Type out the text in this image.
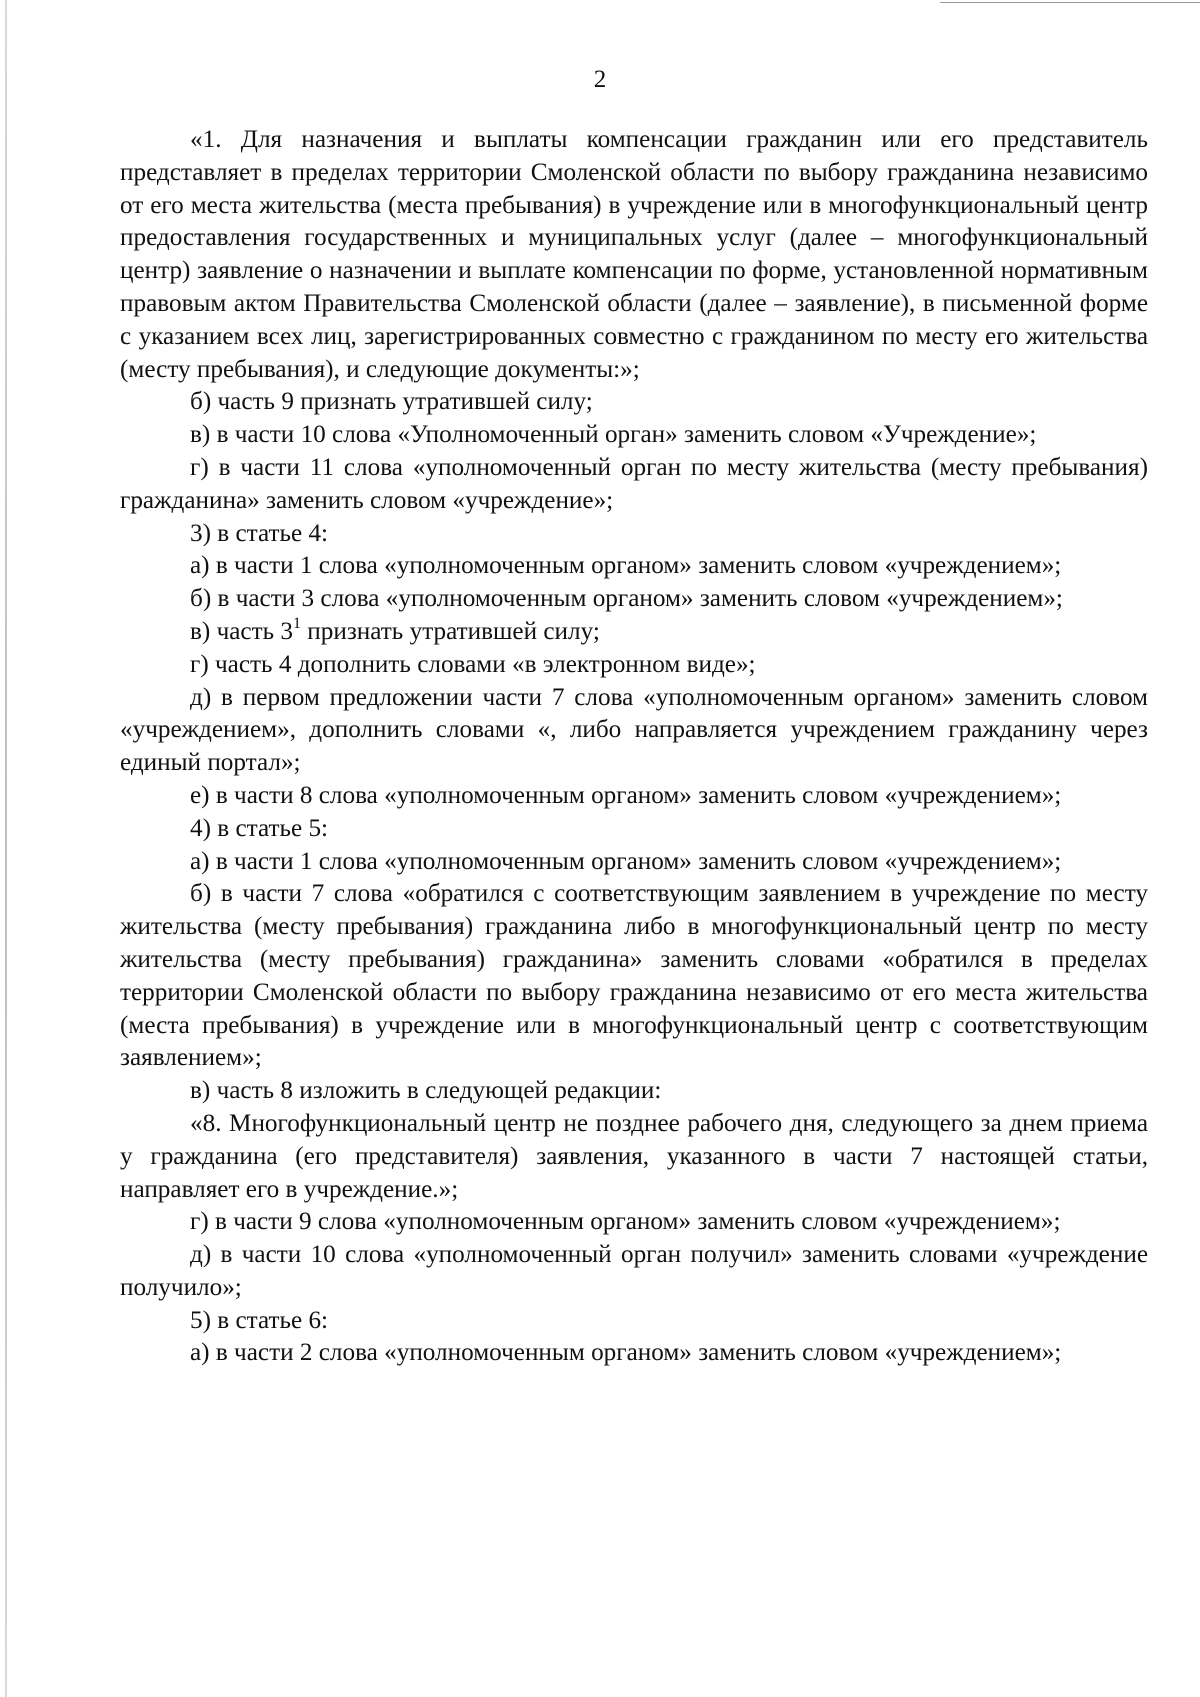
2

«1. Для назначения и выплаты компенсации гражданин или его представитель представляет в пределах территории Смоленской области по выбору гражданина независимо от его места жительства (места пребывания) в учреждение или в многофункциональный центр предоставления государственных и муниципальных услуг (далее – многофункциональный центр) заявление о назначении и выплате компенсации по форме, установленной нормативным правовым актом Правительства Смоленской области (далее – заявление), в письменной форме с указанием всех лиц, зарегистрированных совместно с гражданином по месту его жительства (месту пребывания), и следующие документы:»;

б) часть 9 признать утратившей силу;

в) в части 10 слова «Уполномоченный орган» заменить словом «Учреждение»;

г) в части 11 слова «уполномоченный орган по месту жительства (месту пребывания) гражданина» заменить словом «учреждение»;

3) в статье 4:

а) в части 1 слова «уполномоченным органом» заменить словом «учреждением»;

б) в части 3 слова «уполномоченным органом» заменить словом «учреждением»;

в) часть $3^1$ признать утратившей силу;

г) часть 4 дополнить словами «в электронном виде»;

д) в первом предложении части 7 слова «уполномоченным органом» заменить словом «учреждением», дополнить словами «, либо направляется учреждением гражданину через единый портал»;

е) в части 8 слова «уполномоченным органом» заменить словом «учреждением»;

4) в статье 5:

а) в части 1 слова «уполномоченным органом» заменить словом «учреждением»;

б) в части 7 слова «обратился с соответствующим заявлением в учреждение по месту жительства (месту пребывания) гражданина либо в многофункциональный центр по месту жительства (месту пребывания) гражданина» заменить словами «обратился в пределах территории Смоленской области по выбору гражданина независимо от его места жительства (места пребывания) в учреждение или в многофункциональный центр с соответствующим заявлением»;

в) часть 8 изложить в следующей редакции:

«8. Многофункциональный центр не позднее рабочего дня, следующего за днем приема у гражданина (его представителя) заявления, указанного в части 7 настоящей статьи, направляет его в учреждение.»;

г) в части 9 слова «уполномоченным органом» заменить словом «учреждением»;

д) в части 10 слова «уполномоченный орган получил» заменить словами «учреждение получило»;

5) в статье 6:

а) в части 2 слова «уполномоченным органом» заменить словом «учреждением»;
